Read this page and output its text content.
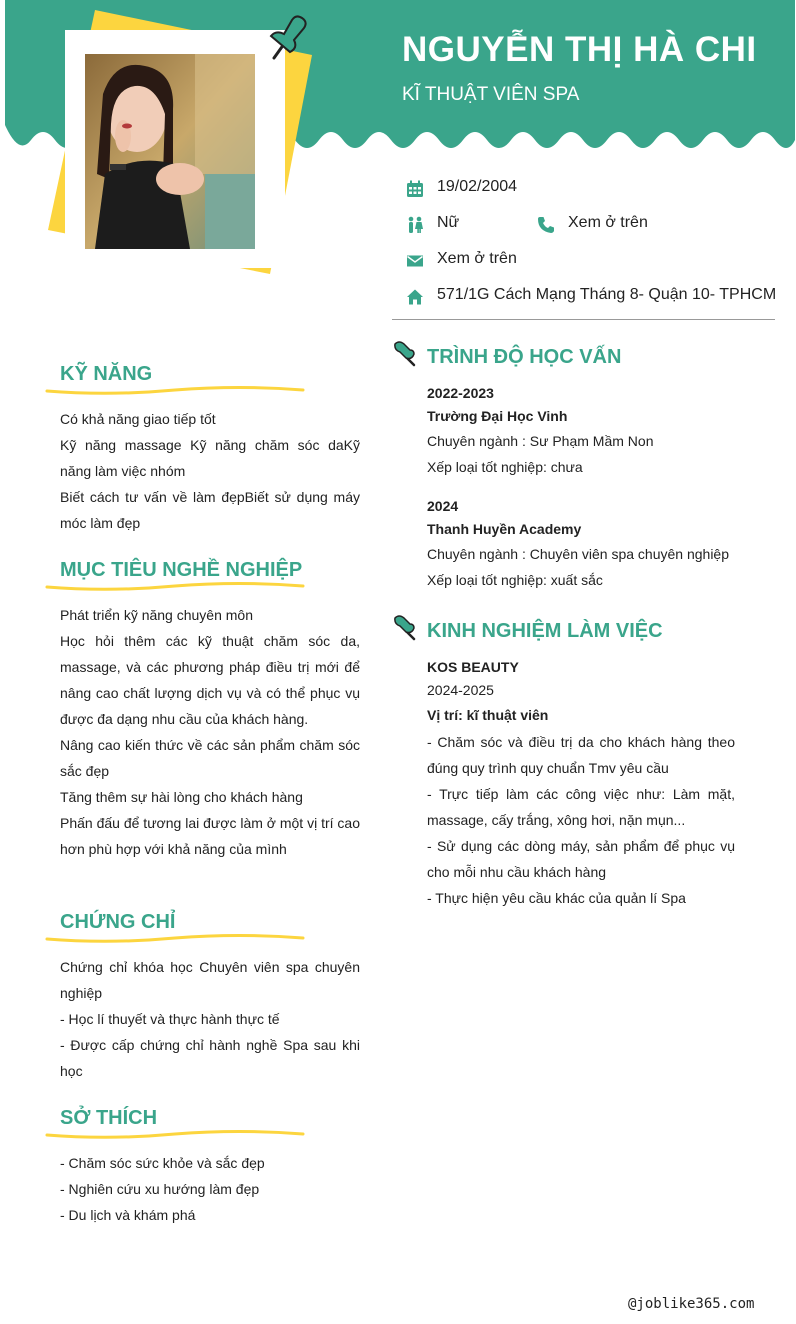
NGUYỄN THỊ HÀ CHI
KĨ THUẬT VIÊN SPA
19/02/2004
Nữ	Xem ở trên
Xem ở trên
571/1G Cách Mạng Tháng 8- Quận 10- TPHCM
KỸ NĂNG

Có khả năng giao tiếp tốt

Kỹ năng massage Kỹ năng chăm sóc daKỹ năng làm việc nhóm

Biết cách tư vấn về làm đẹpBiết sử dụng máy móc làm đẹp

MỤC TIÊU NGHỀ NGHIỆP

Phát triển kỹ năng chuyên môn

Học hỏi thêm các kỹ thuật chăm sóc da, massage, và các phương pháp điều trị mới để nâng cao chất lượng dịch vụ và có thể phục vụ được đa dạng nhu cầu của khách hàng.

Nâng cao kiến thức về các sản phẩm chăm sóc sắc đẹp

Tăng thêm sự hài lòng cho khách hàng

Phấn đấu để tương lai được làm ở một vị trí cao hơn phù hợp với khả năng của mình

CHỨNG CHỈ

Chứng chỉ khóa học Chuyên viên spa chuyên nghiệp

- Học lí thuyết và thực hành thực tế

- Được cấp chứng chỉ hành nghề Spa sau khi học

SỞ THÍCH

- Chăm sóc sức khỏe và sắc đẹp

- Nghiên cứu xu hướng làm đẹp

- Du lịch và khám phá

TRÌNH ĐỘ HỌC VẤN
2022-2023
Trường Đại Học Vinh
Chuyên ngành : Sư Phạm Mầm Non
Xếp loại tốt nghiệp: chưa
2024
Thanh Huyền Academy
Chuyên ngành : Chuyên viên spa chuyên nghiệp
Xếp loại tốt nghiệp: xuất sắc
KINH NGHIỆM LÀM VIỆC
KOS BEAUTY
2024-2025
Vị trí: kĩ thuật viên
- Chăm sóc và điều trị da cho khách hàng theo đúng quy trình quy chuẩn Tmv yêu cầu
- Trực tiếp làm các công việc như: Làm mặt, massage, cấy trắng, xông hơi, nặn mụn...
- Sử dụng các dòng máy, sản phẩm để phục vụ cho mỗi nhu cầu khách hàng
- Thực hiện yêu cầu khác của quản lí Spa
@joblike365.com
